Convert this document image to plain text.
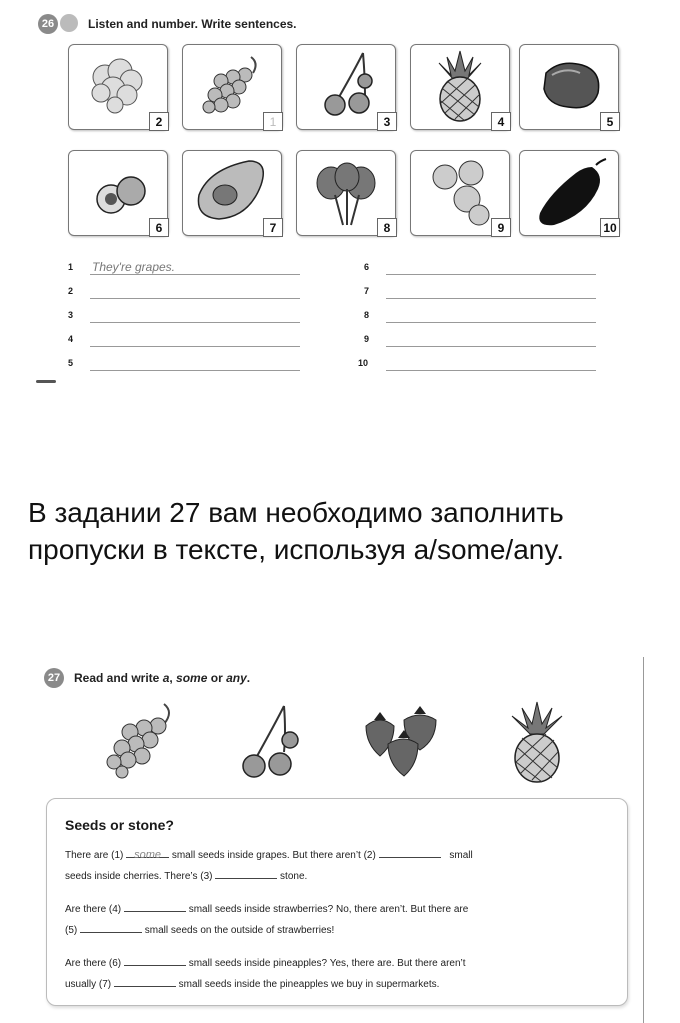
26	Listen and number. Write sentences.
2	1	3	4	5
6	7	8	9	10
1 They're grapes.
2
3
4
5
6
7
8
9
10
В задании 27 вам необходимо заполнить пропуски в тексте, используя a/some/any.
27	Read and write a, some or any.
Seeds or stone?
There are (1) some small seeds inside grapes. But there aren’t (2)	small
seeds inside cherries. There’s (3)	stone.
Are there (4)	small seeds inside strawberries? No, there aren’t. But there are
(5)	small seeds on the outside of strawberries!
Are there (6)	small seeds inside pineapples? Yes, there are. But there aren’t
usually (7)	small seeds inside the pineapples we buy in supermarkets.
